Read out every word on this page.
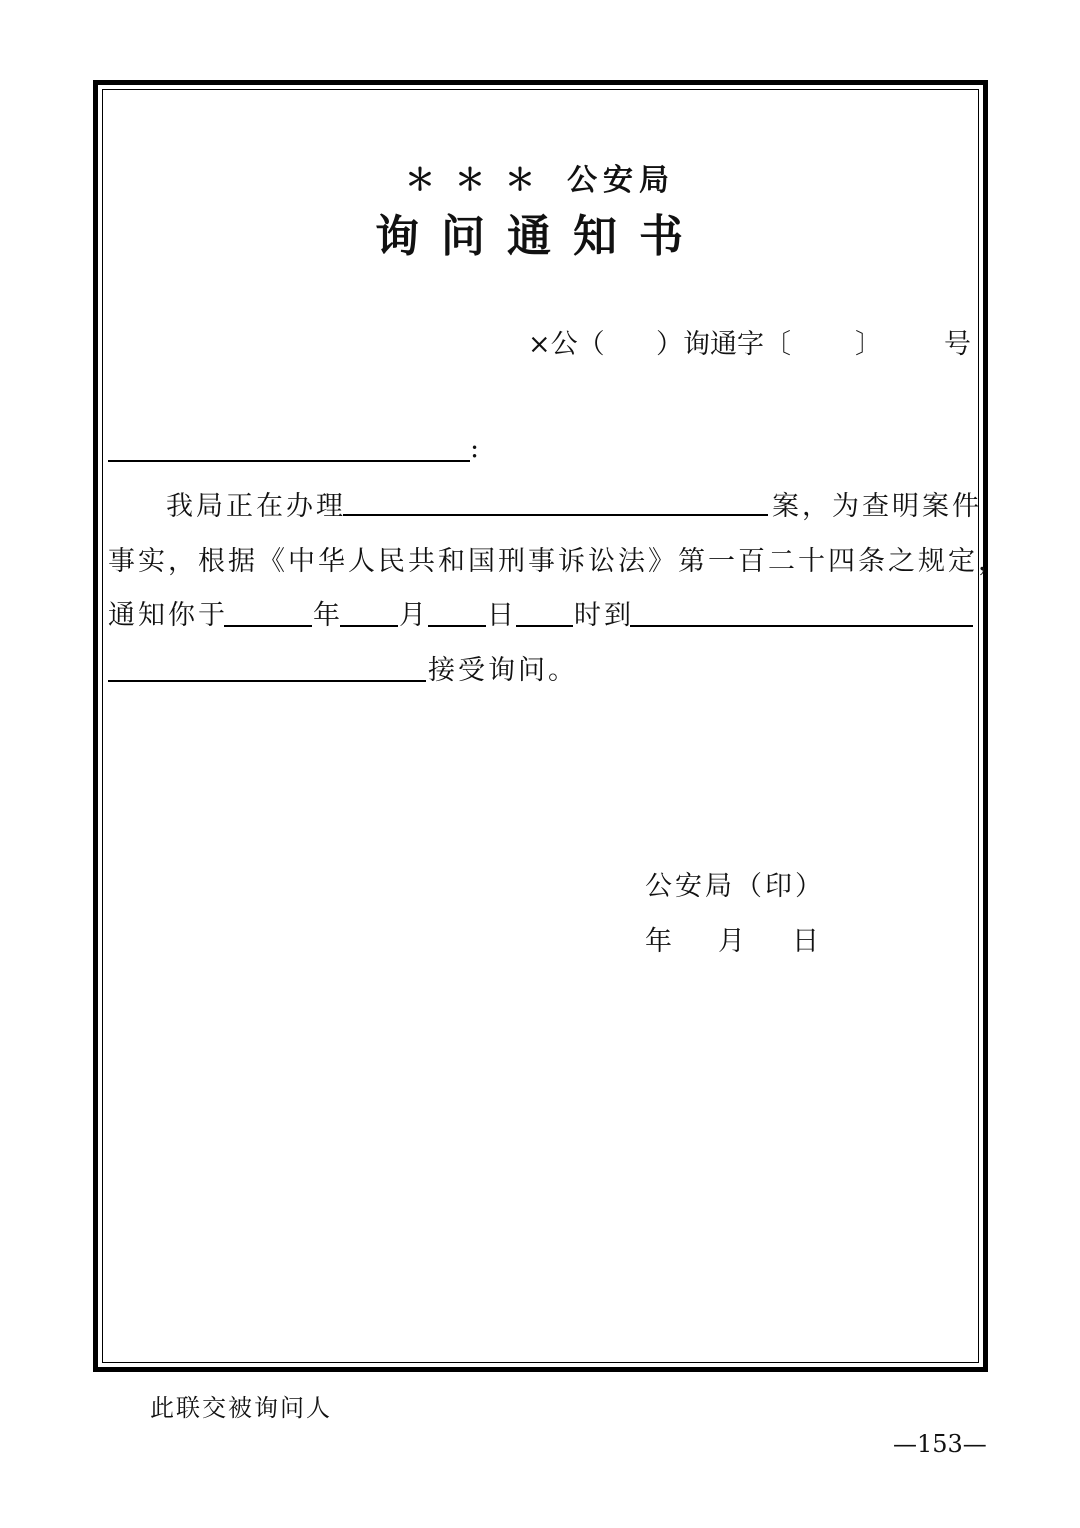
＊＊＊ 公安局
询问通知书
×公（ ）询通字〔 〕 号
:
我局正在办理	案，为查明案件
事实，根据《中华人民共和国刑事诉讼法》第一百二十四条之规定，
通知你于	年 月 日 时到
接受询问。
公安局（印）
年 月 日
此联交被询问人
—153—
